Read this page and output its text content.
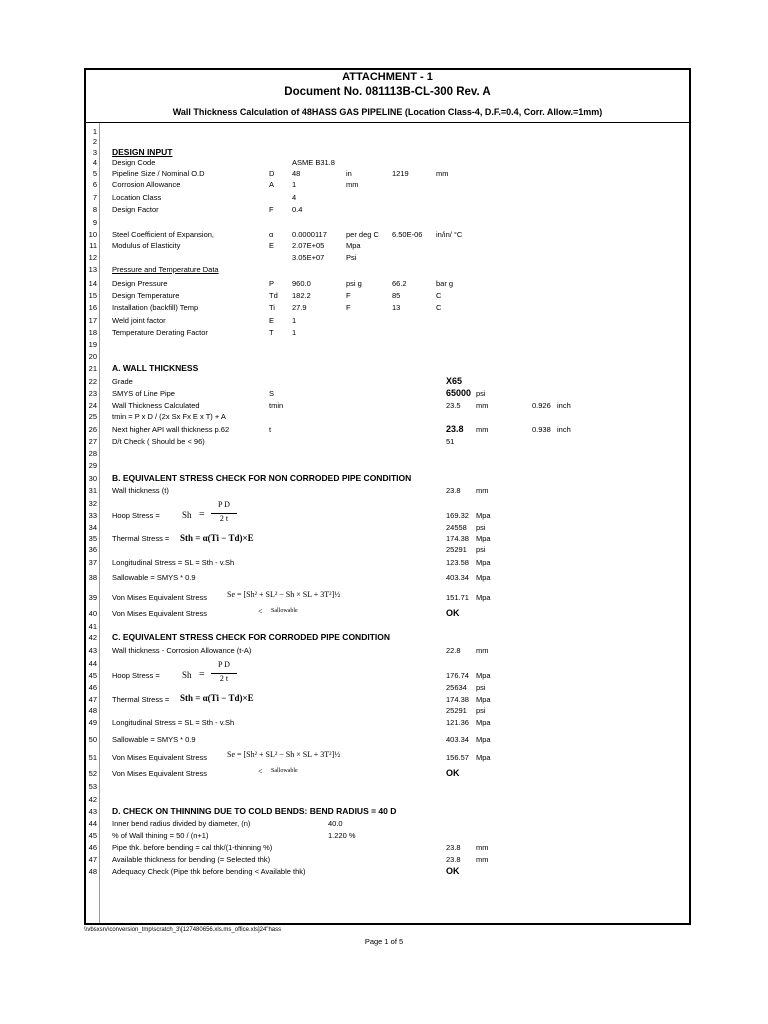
ATTACHMENT - 1
Document No. 081113B-CL-300 Rev. A
Wall Thickness Calculation of 48HASS GAS PIPELINE (Location Class-4, D.F.=0.4, Corr. Allow.=1mm)
1
2
3 DESIGN INPUT
4 Design Code	ASME B31.8
5 Pipeline Size / Nominal O.D	D 48	in	1219	mm
6 Corrosion Allowance	A 1	mm
7 Location Class	4
8 Design Factor	F 0.4
9
10 Steel Coefficient of Expansion,	α 0.0000117	per deg C 6.50E-06 in/in/ °C
11 Modulus of Elasticity	E 2.07E+05	Mpa
12	3.05E+07	Psi
13 Pressure and Temperature Data
14 Design Pressure	P 960.0	psi g	66.2	bar g
15 Design Temperature	Td 182.2	F	85	C
16 Installation (backfill) Temp	Ti 27.9	F	13	C
17 Weld joint factor	E 1
18 Temperature Derating Factor	T 1
19
20
21 A. WALL THICKNESS
22 Grade	X65
23 SMYS of Line Pipe	S	65000 psi
24 Wall Thickness Calculated	tmin	23.5 mm	0.926 inch
25 tmin = P x D / (2x Sx Fx E x T) + A
26 Next higher API wall thickness p.62	t	23.8 mm	0.938 inch
27 D/t Check ( Should be < 96)	51
28
29
30 B. EQUIVALENT STRESS CHECK FOR NON CORRODED PIPE CONDITION
31 Wall thickness (t)	23.8 mm
32
33 Hoop Stress =	169.32 Mpa
34	24558 psi
35 Thermal Stress =	174.38 Mpa
36	25291 psi
37 Longitudinal Stress = SL = Sth - v.Sh	123.58 Mpa
38 Sallowable = SMYS * 0.9	403.34 Mpa
39 Von Mises Equivalent Stress	151.71 Mpa
40 Von Mises Equivalent Stress	OK
41
42 C. EQUIVALENT STRESS CHECK FOR CORRODED PIPE CONDITION
43 Wall thickness - Corrosion Allowance (t-A)	22.8 mm
44
45 Hoop Stress =	176.74 Mpa
46	25634 psi
47 Thermal Stress =	174.38 Mpa
48	25291 psi
49 Longitudinal Stress = SL = Sth - v.Sh	121.36 Mpa
50 Sallowable = SMYS * 0.9	403.34 Mpa
51 Von Mises Equivalent Stress	156.57 Mpa
52 Von Mises Equivalent Stress	OK
53
42
43 D. CHECK ON THINNING DUE TO COLD BENDS: BEND RADIUS = 40 D
44 Inner bend radius divided by diameter, (n)	40.0
45 % of Wall thining = 50 / (n+1)	1.220 %
46 Pipe thk. before bending = cal thk/(1-thinning %)	23.8 mm
47 Available thickness for bending (= Selected thk)	23.8 mm
48 Adequacy Check (Pipe thk before bending < Available thk)	OK
\\vbsxsrv\conversion_tmp\scratch_3\[127480656.xls.ms_office.xls]24"hass
Page 1 of 5
Sh =
P D
2 t
Sth = α(Ti − Td)×E
Se = [Sh² + SL² − Sh × SL + 3T²]½
< Sallowable
Sh =
P D
2 t
Sth = α(Ti − Td)×E
Se = [Sh² + SL² − Sh × SL + 3T²]½
< Sallowable
